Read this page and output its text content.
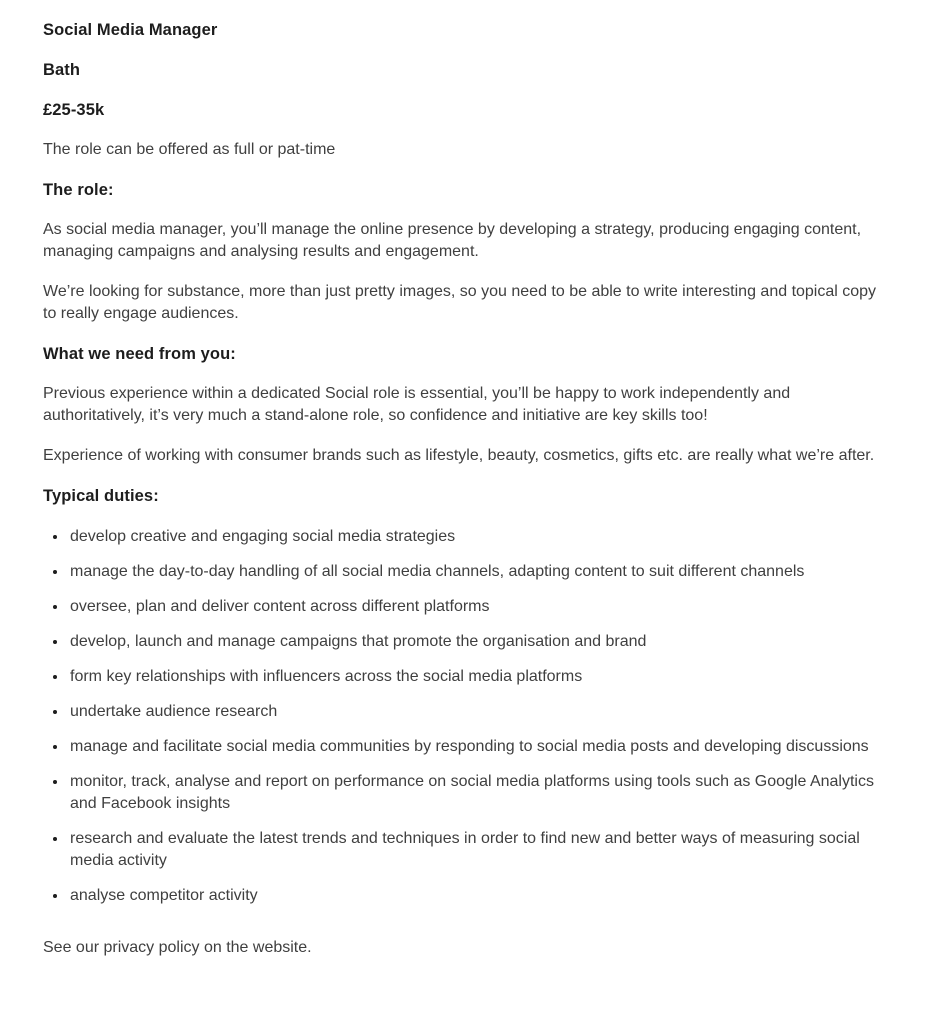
Social Media Manager
Bath
£25-35k

The role can be offered as full or pat-time

The role:

As social media manager, you’ll manage the online presence by developing a strategy, producing engaging content, managing campaigns and analysing results and engagement.

We’re looking for substance, more than just pretty images, so you need to be able to write interesting and topical copy to really engage audiences.

What we need from you:

Previous experience within a dedicated Social role is essential, you’ll be happy to work independently and authoritatively, it’s very much a stand-alone role, so confidence and initiative are key skills too!

Experience of working with consumer brands such as lifestyle, beauty, cosmetics, gifts etc. are really what we’re after.

Typical duties:
• develop creative and engaging social media strategies
• manage the day-to-day handling of all social media channels, adapting content to suit different channels
• oversee, plan and deliver content across different platforms
• develop, launch and manage campaigns that promote the organisation and brand
• form key relationships with influencers across the social media platforms
• undertake audience research
• manage and facilitate social media communities by responding to social media posts and developing discussions
• monitor, track, analyse and report on performance on social media platforms using tools such as Google Analytics and Facebook insights
• research and evaluate the latest trends and techniques in order to find new and better ways of measuring social media activity
• analyse competitor activity

See our privacy policy on the website.
